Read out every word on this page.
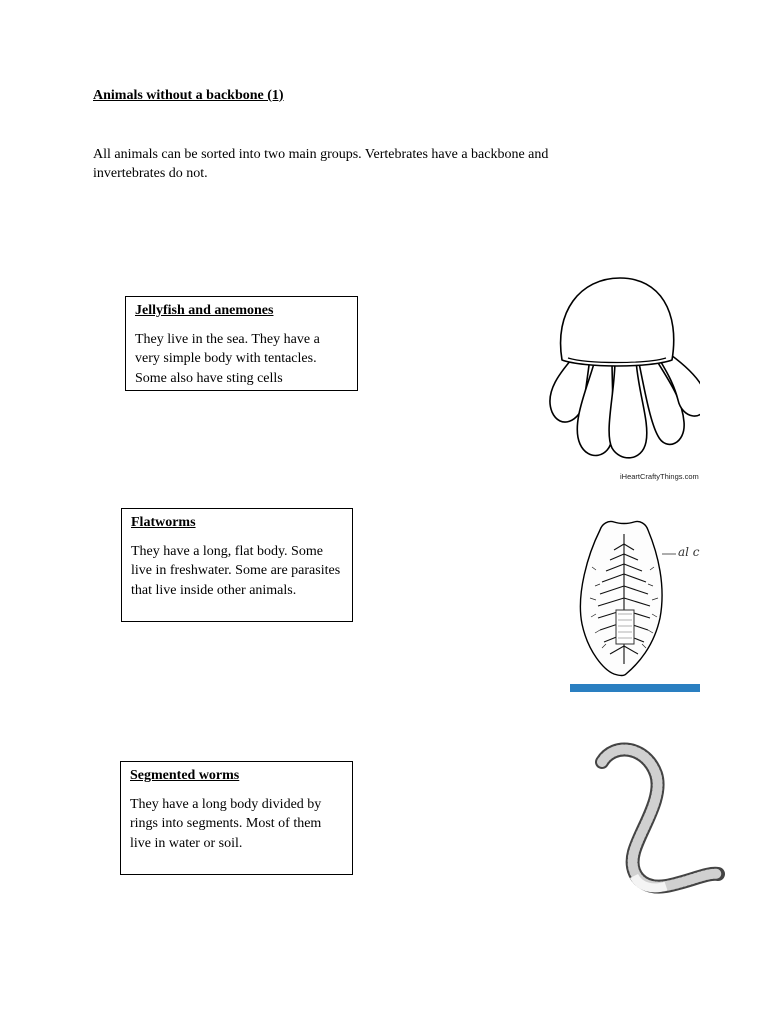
Animals without a backbone (1)

All animals can be sorted into two main groups. Vertebrates have a backbone and invertebrates do not.

Jellyfish and anemones

They live in the sea. They have a very simple body with tentacles. Some also have sting cells

iHeartCraftyThings.com

Flatworms

They have a long, flat body. Some live in freshwater. Some are parasites that live inside other animals.

al c

Segmented worms

They have a long body divided by rings into segments. Most of them live in water or soil.
